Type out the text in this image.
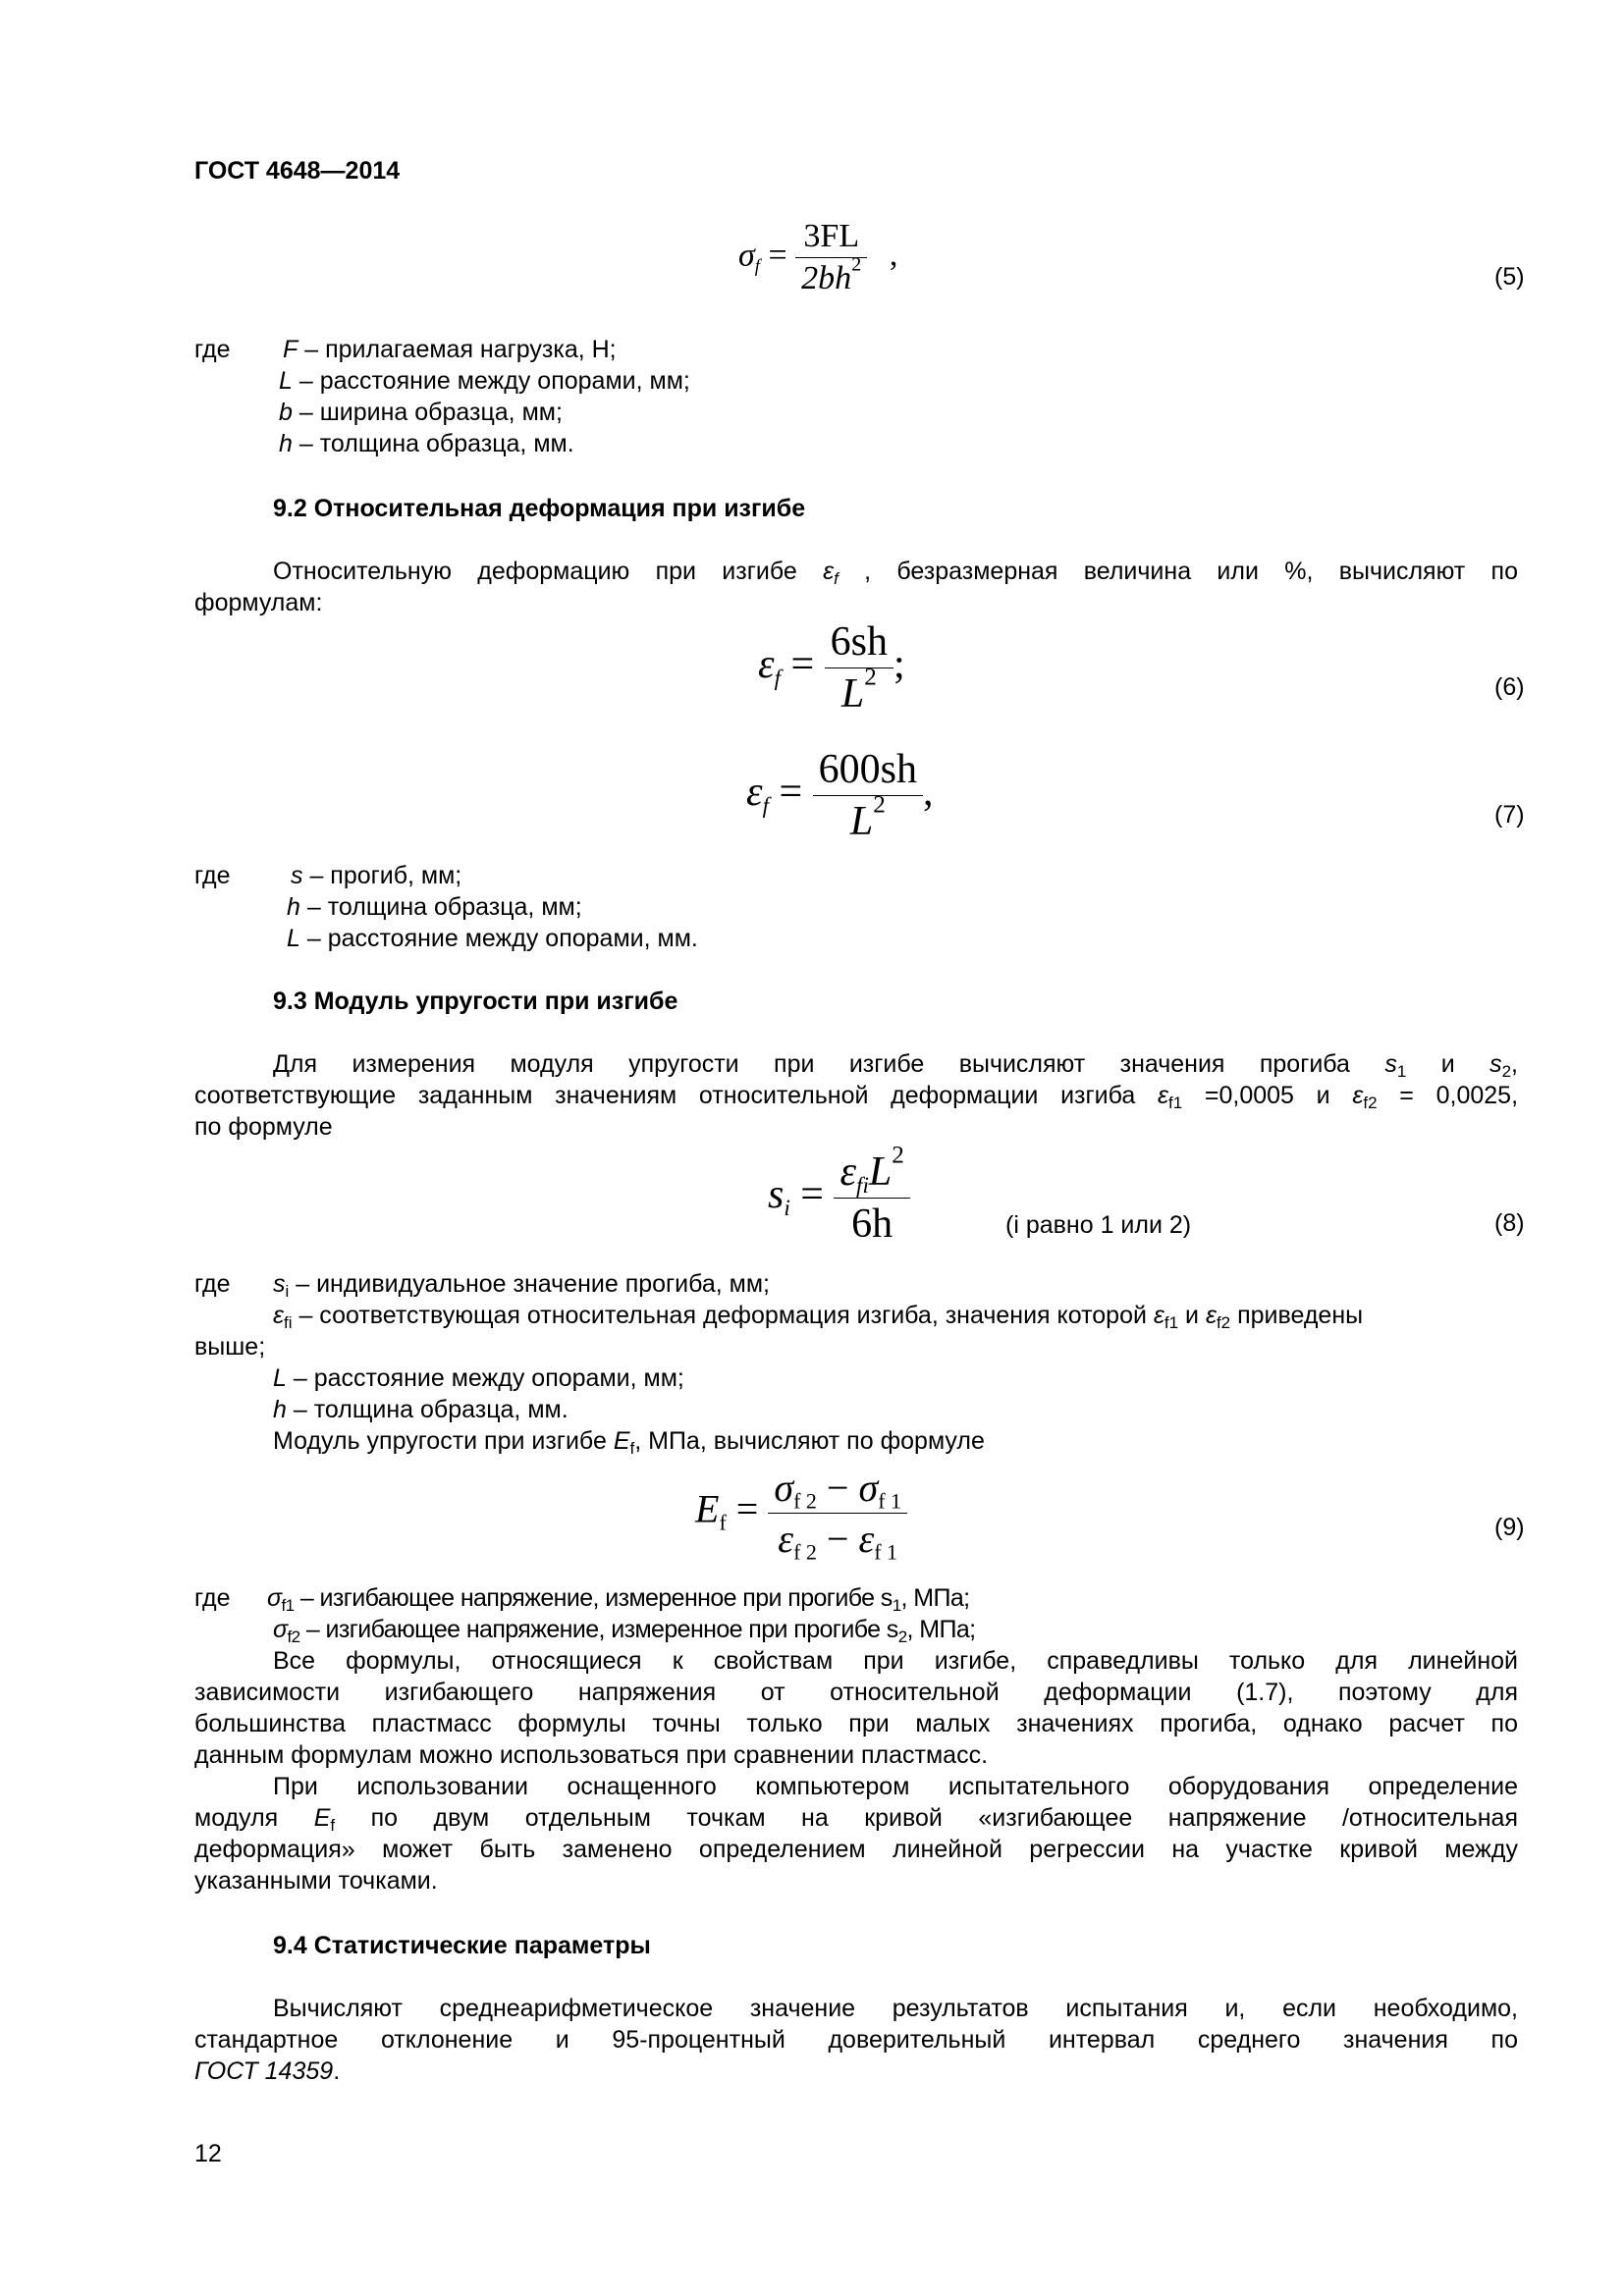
ГОСТ 4648—2014
$\sigma f = \frac{3FL}{2bh^2}$ ,
(5)
где F – прилагаемая нагрузка, Н;
L – расстояние между опорами, мм;
b – ширина образца, мм;
h – толщина образца, мм.
9.2 Относительная деформация при изгибе
Относительную деформацию при изгибе $\varepsilon_f$ , безразмерная величина или %, вычисляют по
формулам:
$\varepsilon f = \frac{6sh}{L^2}$ ;	(6)
$\varepsilon f = \frac{600sh}{L^2}$ ,	(7)
где s – прогиб, мм;
h – толщина образца, мм;
L – расстояние между опорами, мм.
9.3 Модуль упругости при изгибе
Для измерения модуля упругости при изгибе вычисляют значения прогиба $s_1$ и $s_2$,
соответствующие заданным значениям относительной деформации изгиба $\varepsilon_{f1} =0,0005$ и $\varepsilon_{f2} = 0,0025$,
по формуле
si = $\frac{\varepsilon fiL^2}{6h}$	(i равно 1 или 2)	(8)
где $s_i$ – индивидуальное значение прогиба, мм;
$\varepsilon_{fi}$ – соответствующая относительная деформация изгиба, значения которой $\varepsilon_{f1}$ и $\varepsilon_{f2}$ приведены
выше;
L – расстояние между опорами, мм;
h – толщина образца, мм.
Модуль упругости при изгибе $E_f$, МПа, вычисляют по формуле
$Ef = \frac{\sigma f 2 - \sigma f 1}{\varepsilon f 2 - \varepsilon f 1}$	(9)
где $\sigma_{f1}$ – изгибающее напряжение, измеренное при прогибе $s_1$, МПа;
$\sigma_{f2}$ – изгибающее напряжение, измеренное при прогибе $s_2$, МПа;
Все формулы, относящиеся к свойствам при изгибе, справедливы только для линейной
зависимости изгибающего напряжения от относительной деформации (1.7), поэтому для
большинства пластмасс формулы точны только при малых значениях прогиба, однако расчет по
данным формулам можно использоваться при сравнении пластмасс.
При использовании оснащенного компьютером испытательного оборудования определение
модуля $E_f$ по двум отдельным точкам на кривой «изгибающее напряжение /относительная
деформация» может быть заменено определением линейной регрессии на участке кривой между
указанными точками.
9.4 Статистические параметры
Вычисляют среднеарифметическое значение результатов испытания и, если необходимо,
стандартное отклонение и 95-процентный доверительный интервал среднего значения по
ГОСТ 14359.
12
